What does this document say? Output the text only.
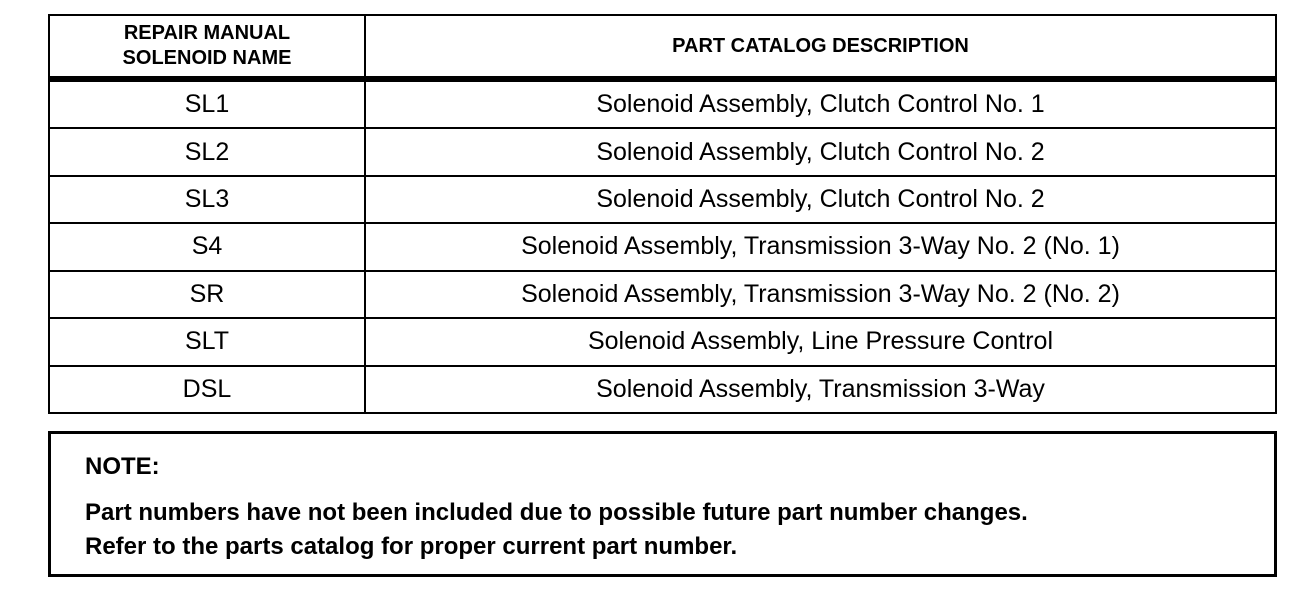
REPAIR MANUAL
SOLENOID NAME	PART CATALOG DESCRIPTION
SL1	Solenoid Assembly, Clutch Control No. 1
SL2	Solenoid Assembly, Clutch Control No. 2
SL3	Solenoid Assembly, Clutch Control No. 2
S4	Solenoid Assembly, Transmission 3-Way No. 2 (No. 1)
SR	Solenoid Assembly, Transmission 3-Way No. 2 (No. 2)
SLT	Solenoid Assembly, Line Pressure Control
DSL	Solenoid Assembly, Transmission 3-Way

NOTE:

Part numbers have not been included due to possible future part number changes.

Refer to the parts catalog for proper current part number.
